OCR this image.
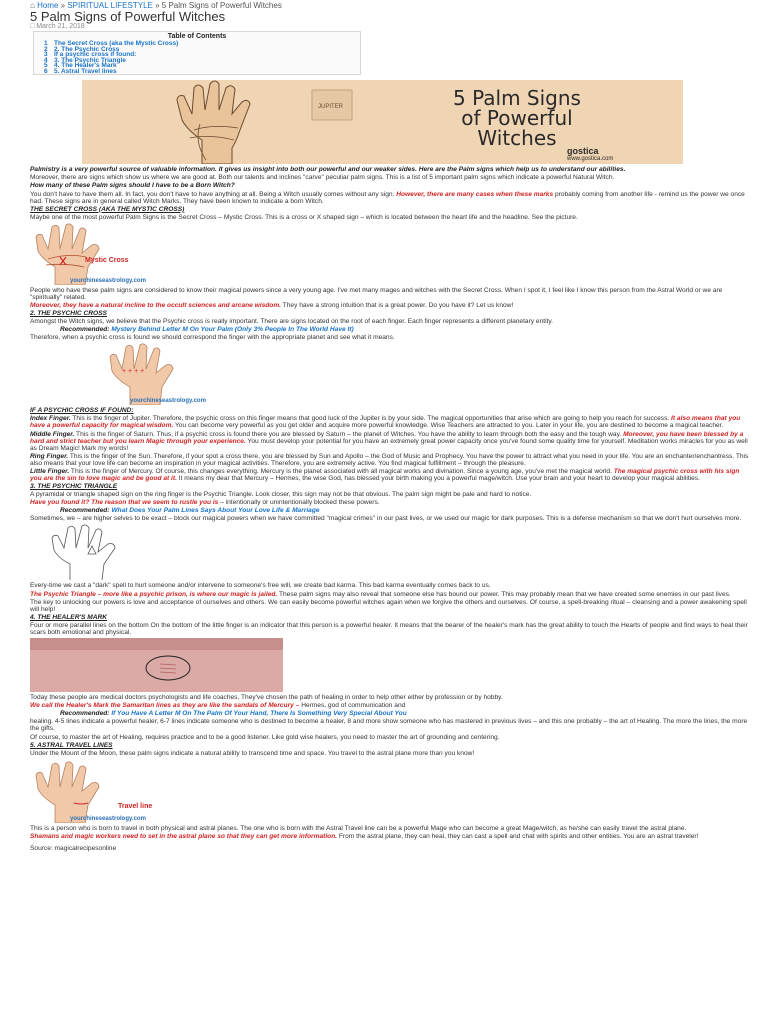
⌂ Home » SPIRITUAL LIFESTYLE » 5 Palm Signs of Powerful Witches
5 Palm Signs of Powerful Witches
□ March 21, 2018
Table of Contents
1 The Secret Cross (aka the Mystic Cross)
2 2. The Psychic Cross
3 If a psychic cross if found:
4 3. The Psychic Triangle
5 4. The Healer's Mark
6 5. Astral Travel lines
JUPITER	5 Palm Signs
of Powerful
Witches
gostica
www.gostica.com

Palmistry is a very powerful source of valuable information. It gives us insight into both our powerful and our weaker sides. Here are the Palm signs which help us to understand our abilities.

Moreover, there are signs which show us where we are good at. Both our talents and inclines "carve" peculiar palm signs. This is a list of 5 important palm signs which indicate a powerful Natural Witch.

How many of these Palm signs should I have to be a Born Witch?

You don't have to have them all. In fact, you don't have to have anything at all. Being a Witch usually comes without any sign. However, there are many cases when these marks probably coming from another life - remind us the power we once had. These signs are in general called Witch Marks. They have been known to indicate a born Witch.

THE SECRET CROSS (AKA THE MYSTIC CROSS)

Maybe one of the most powerful Palm Signs is the Secret Cross – Mystic Cross. This is a cross or X shaped sign – which is located between the heart life and the headline. See the picture.

Mystic Cross
yourchineseastrology.com

People who have these palm signs are considered to know their magical powers since a very young age. I've met many mages and witches with the Secret Cross. When I spot it, I feel like I know this person from the Astral World or we are "spiritually" related.

Moreover, they have a natural incline to the occult sciences and arcane wisdom. They have a strong intuition that is a great power. Do you have it? Let us know!

2. THE PSYCHIC CROSS

Amongst the Witch signs, we believe that the Psychic cross is really important. There are signs located on the root of each finger. Each finger represents a different planetary entity.

Recommended: Mystery Behind Letter M On Your Palm (Only 3% People In The World Have It)

Therefore, when a psychic cross is found we should correspond the finger with the appropriate planet and see what it means.

+ + + +
yourchineseastrology.com
IF A PSYCHIC CROSS IF FOUND:

Index Finger. This is the finger of Jupiter. Therefore, the psychic cross on this finger means that good luck of the Jupiter is by your side. The magical opportunities that arise which are going to help you reach for success. It also means that you have a powerful capacity for magical wisdom. You can become very powerful as you get older and acquire more powerful knowledge. Wise Teachers are attracted to you. Later in your life, you are destined to become a magical teacher.

Middle Finger. This is the finger of Saturn. Thus, if a psychic cross is found there you are blessed by Saturn – the planet of Witches. You have the ability to learn through both the easy and the tough way. Moreover, you have been blessed by a hard and strict teacher but you learn Magic through your experience. You must develop your potential for you have an extremely great power capacity once you've found some quality time for yourself. Meditation works miracles for you as well as Dream Magic! Mark my words!

Ring Finger. This is the finger of the Sun. Therefore, if your spot a cross there, you are blessed by Sun and Apollo – the God of Music and Prophecy. You have the power to attract what you need in your life. You are an enchanter/enchantress. This also means that your love life can become an inspiration in your magical activities. Therefore, you are extremely active. You find magical fulfillment – through the pleasure.

Little Finger. This is the finger of Mercury. Of course, this changes everything. Mercury is the planet associated with all magical works and divination. Since a young age, you've met the magical world. The magical psychic cross with his sign you are the sin to love magic and be good at it. It means my dear that Mercury – Hermes, the wise God, has blessed your birth making you a powerful mage/witch. Use your brain and your heart to develop your magical abilities.

3. THE PSYCHIC TRIANGLE

A pyramidal or triangle shaped sign on the ring finger is the Psychic Triangle. Look closer, this sign may not be that obvious. The palm sign might be pale and hard to notice.

Have you found it? The reason that we seem to rustle you is – intentionally or unintentionally blocked these powers.

Recommended: What Does Your Palm Lines Says About Your Love Life & Marriage

Sometimes, we – are higher selves to be exact – block our magical powers when we have committed "magical crimes" in our past lives, or we used our magic for dark purposes. This is a defense mechanism so that we don't hurt ourselves more.

Every-time we cast a "dark" spell to hurt someone and/or intervene to someone's free will, we create bad karma. This bad karma eventually comes back to us.

The Psychic Triangle – more like a psychic prison, is where our magic is jailed. These palm signs may also reveal that someone else has bound our power. This may probably mean that we have created some enemies in our past lives.

The key to unlocking our powers is love and acceptance of ourselves and others. We can easily become powerful witches again when we forgive the others and ourselves. Of course, a spell-breaking ritual – cleansing and a power awakening spell will help!

4. THE HEALER'S MARK

Four or more parallel lines on the bottom On the bottom of the little finger is an indicator that this person is a powerful healer. It means that the bearer of the healer's mark has the great ability to touch the Hearts of people and find ways to heal their scars both emotional and physical.

Today these people are medical doctors psychologists and life coaches. They've chosen the path of healing in order to help other either by profession or by hobby.

We call the Healer's Mark the Samaritan lines as they are like the sandals of Mercury – Hermes, god of communication and

Recommended: If You Have A Letter M On The Palm Of Your Hand, There Is Something Very Special About You

healing. 4-5 lines indicate a powerful healer, 6-7 lines indicate someone who is destined to become a healer, 8 and more show someone who has mastered in previous lives – and this one probably – the art of Healing. The more the lines, the more the gifts.

Of course, to master the art of Healing, requires practice and to be a good listener. Like gold wise healers, you need to master the art of grounding and centering.

5. ASTRAL TRAVEL LINES

Under the Mount of the Moon, these palm signs indicate a natural ability to transcend time and space. You travel to the astral plane more than you know!

Travel line
yourchineseastrology.com

This is a person who is born to travel in both physical and astral planes. The one who is born with the Astral Travel line can be a powerful Mage who can become a great Mage/witch, as he/she can easily travel the astral plane.

Shamans and magic workers need to set in the astral plane so that they can get more information. From the astral plane, they can heal, they can cast a spell and chat with spirits and other entities. You are an astral traveler!

Source: magicalrecipesonline
